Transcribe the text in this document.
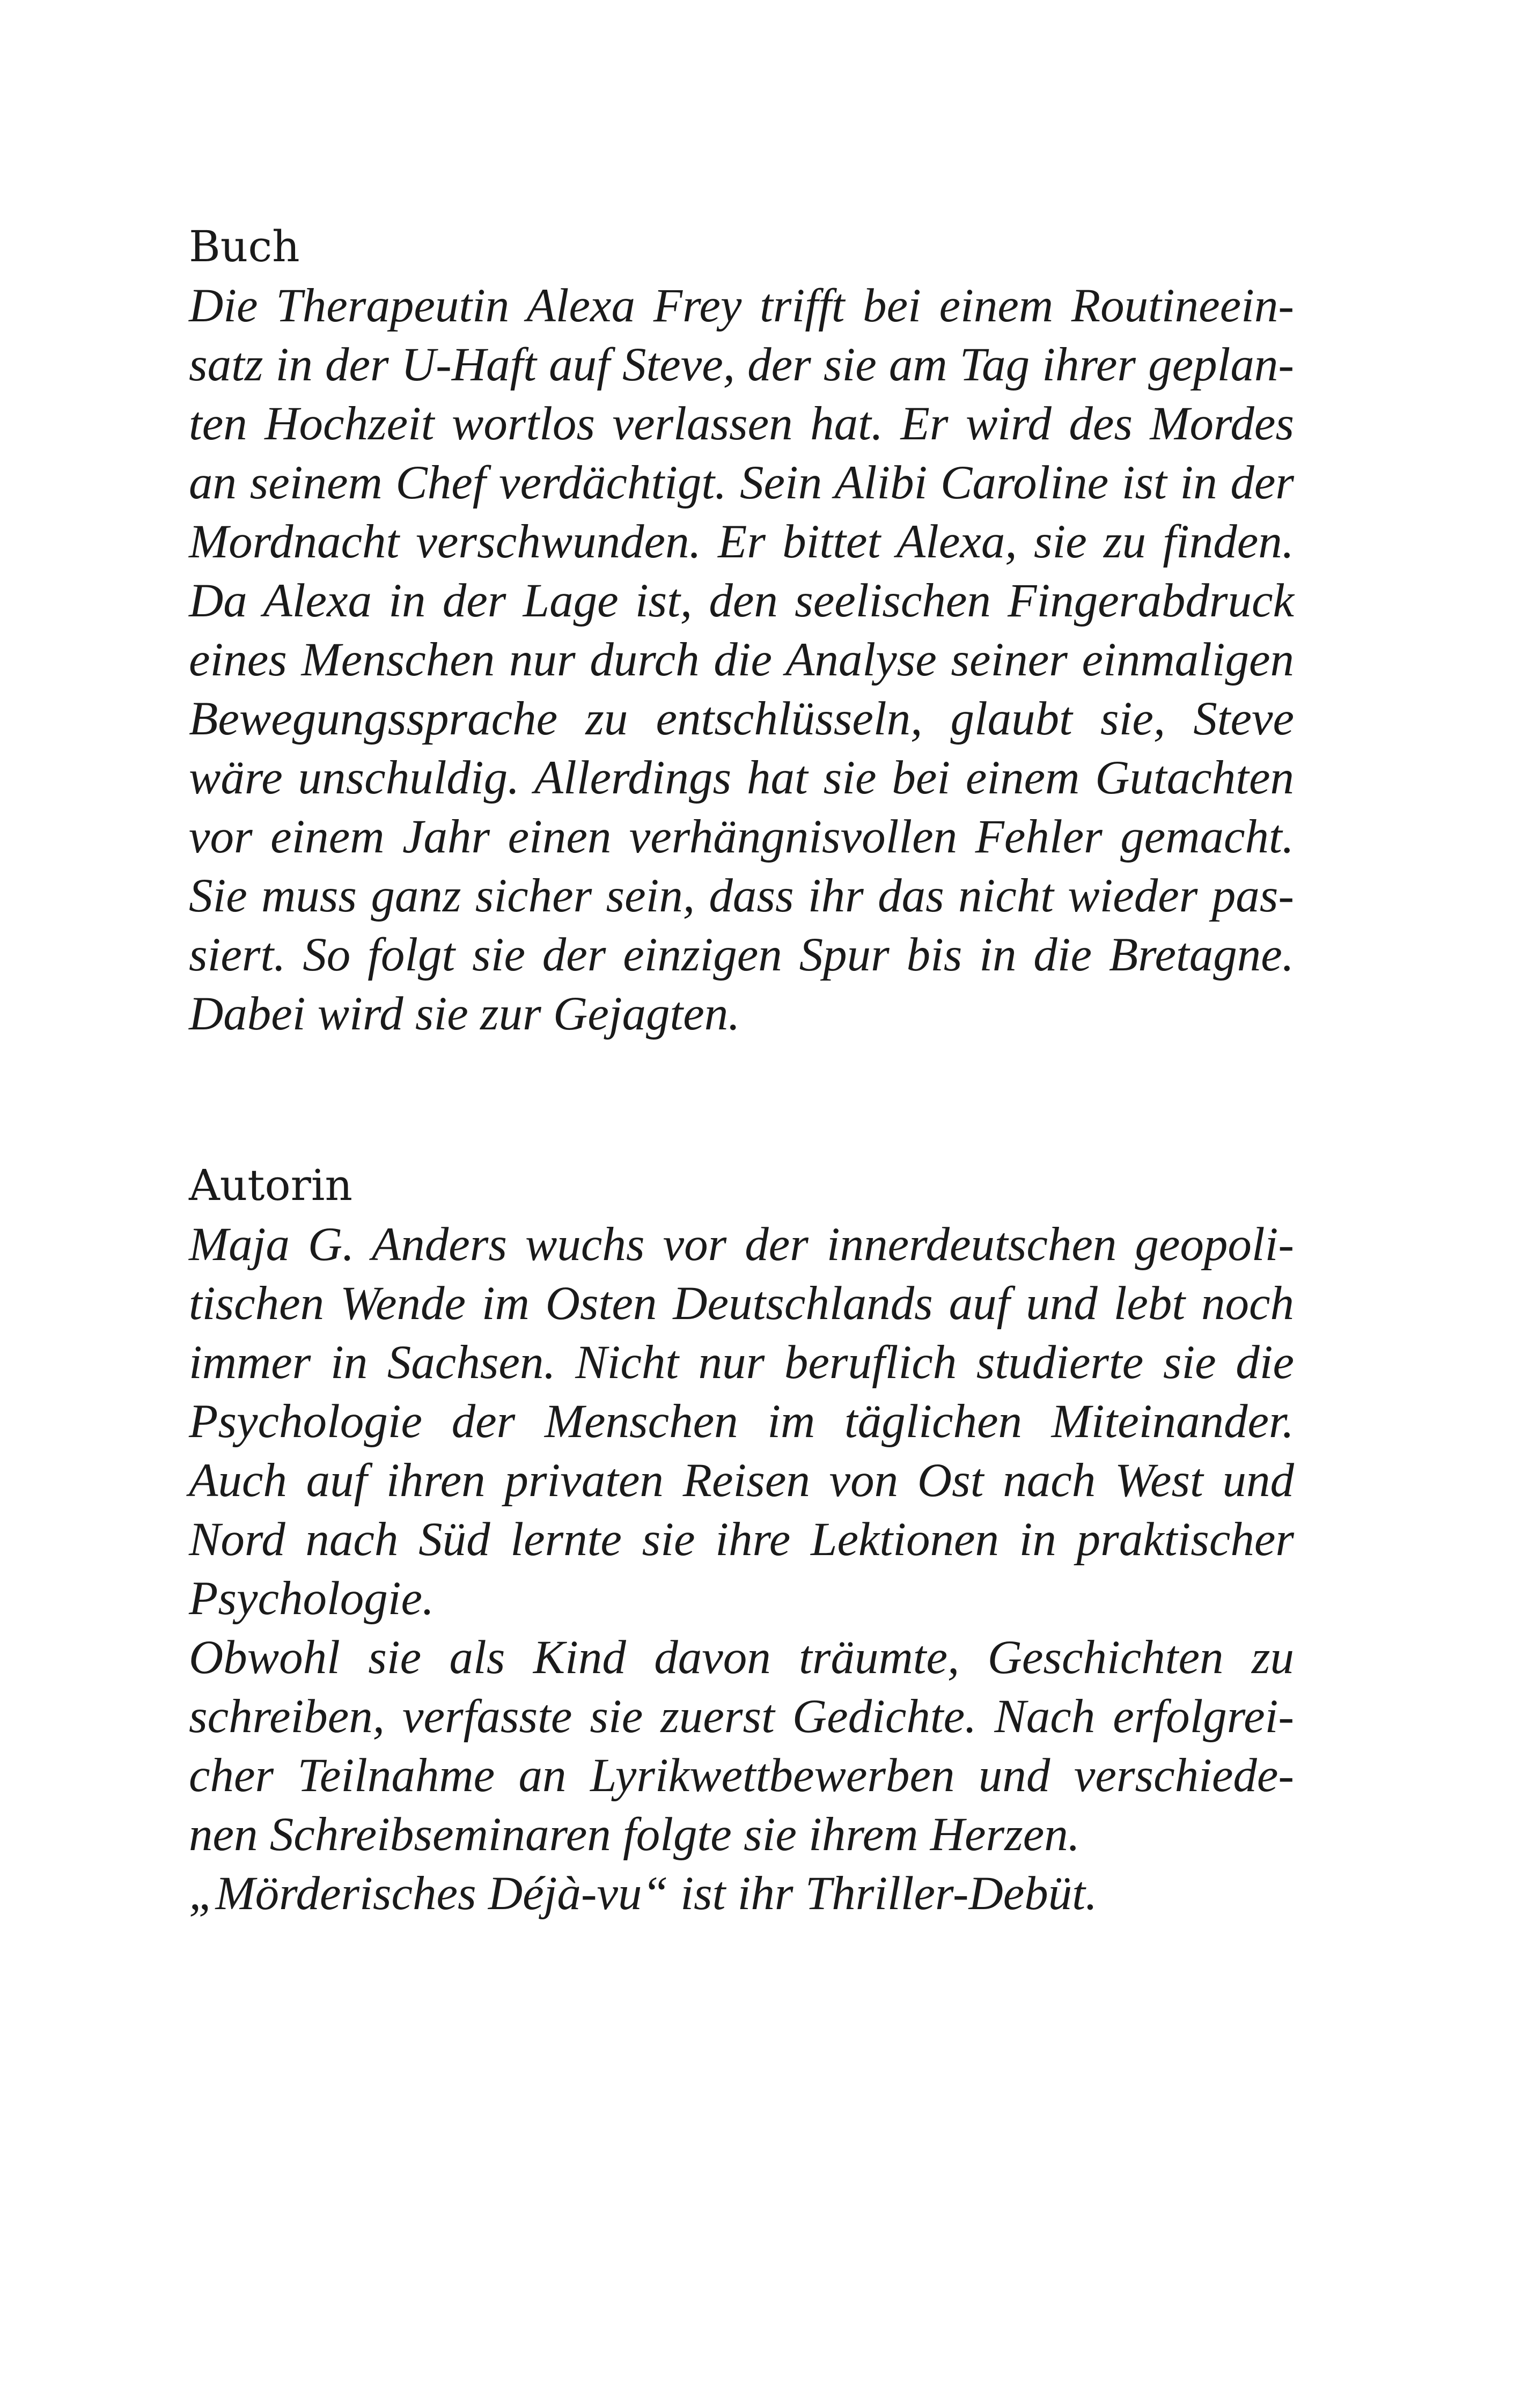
Buch

Die Therapeutin Alexa Frey trifft bei einem Routineein-

satz in der U-Haft auf Steve, der sie am Tag ihrer geplan-

ten Hochzeit wortlos verlassen hat. Er wird des Mordes

an seinem Chef verdächtigt. Sein Alibi Caroline ist in der

Mordnacht verschwunden. Er bittet Alexa, sie zu finden.

Da Alexa in der Lage ist, den seelischen Fingerabdruck

eines Menschen nur durch die Analyse seiner einmaligen

Bewegungssprache zu entschlüsseln, glaubt sie, Steve

wäre unschuldig. Allerdings hat sie bei einem Gutachten

vor einem Jahr einen verhängnisvollen Fehler gemacht.

Sie muss ganz sicher sein, dass ihr das nicht wieder pas-

siert. So folgt sie der einzigen Spur bis in die Bretagne.

Dabei wird sie zur Gejagten.

Autorin

Maja G. Anders wuchs vor der innerdeutschen geopoli-

tischen Wende im Osten Deutschlands auf und lebt noch

immer in Sachsen. Nicht nur beruflich studierte sie die

Psychologie der Menschen im täglichen Miteinander.

Auch auf ihren privaten Reisen von Ost nach West und

Nord nach Süd lernte sie ihre Lektionen in praktischer

Psychologie.

Obwohl sie als Kind davon träumte, Geschichten zu

schreiben, verfasste sie zuerst Gedichte. Nach erfolgrei-

cher Teilnahme an Lyrikwettbewerben und verschiede-

nen Schreibseminaren folgte sie ihrem Herzen.

„Mörderisches Déjà-vu“ ist ihr Thriller-Debüt.
